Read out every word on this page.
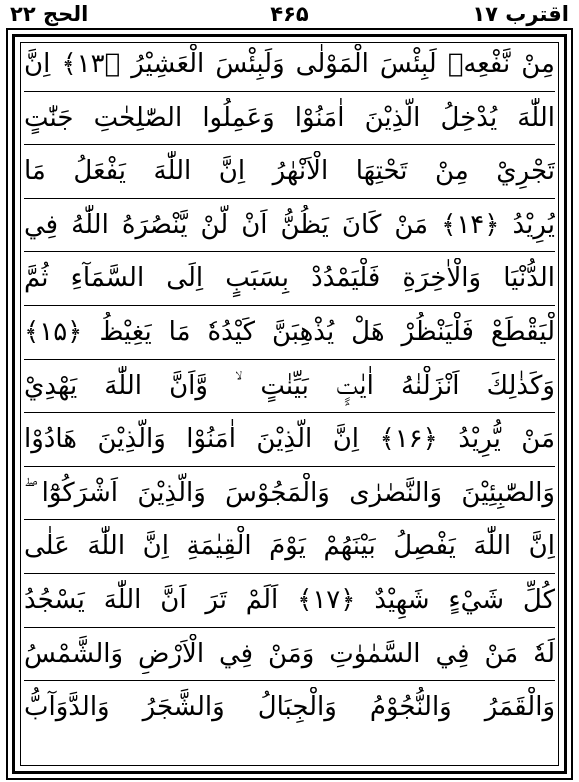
الحج ۲۲	۴۶۵	اقترب ۱۷
مِنْ نَّفْعِهٖ لَبِئْسَ الْمَوْلٰى وَلَبِئْسَ الْعَشِيْرُ ﴿۱۳﴾ اِنَّ
اللّٰهَ يُدْخِلُ الَّذِيْنَ اٰمَنُوْا وَعَمِلُوا الصّٰلِحٰتِ جَنّٰتٍ
تَجْرِيْ مِنْ تَحْتِهَا الْاَنْهٰرُ اِنَّ اللّٰهَ يَفْعَلُ مَا
يُرِيْدُ ﴿۱۴﴾ مَنْ كَانَ يَظُنُّ اَنْ لَّنْ يَّنْصُرَهُ اللّٰهُ فِي
الدُّنْيَا وَالْاٰخِرَةِ فَلْيَمْدُدْ بِسَبَبٍ اِلَى السَّمَآءِ ثُمَّ
لْيَقْطَعْ فَلْيَنْظُرْ هَلْ يُذْهِبَنَّ كَيْدُهٗ مَا يَغِيْظُ ﴿۱۵﴾
وَكَذٰلِكَ اَنْزَلْنٰهُ اٰيٰتٍۭ بَيِّنٰتٍ ۙ وَّاَنَّ اللّٰهَ يَهْدِيْ
مَنْ يُّرِيْدُ ﴿۱۶﴾ اِنَّ الَّذِيْنَ اٰمَنُوْا وَالَّذِيْنَ هَادُوْا
وَالصّٰبِئِيْنَ وَالنَّصٰرٰى وَالْمَجُوْسَ وَالَّذِيْنَ اَشْرَكُوْٓا ۖ
اِنَّ اللّٰهَ يَفْصِلُ بَيْنَهُمْ يَوْمَ الْقِيٰمَةِ اِنَّ اللّٰهَ عَلٰى
كُلِّ شَيْءٍ شَهِيْدٌ ﴿۱۷﴾ اَلَمْ تَرَ اَنَّ اللّٰهَ يَسْجُدُ
لَهٗ مَنْ فِي السَّمٰوٰتِ وَمَنْ فِي الْاَرْضِ وَالشَّمْسُ
وَالْقَمَرُ وَالنُّجُوْمُ وَالْجِبَالُ وَالشَّجَرُ وَالدَّوَآبُّ
